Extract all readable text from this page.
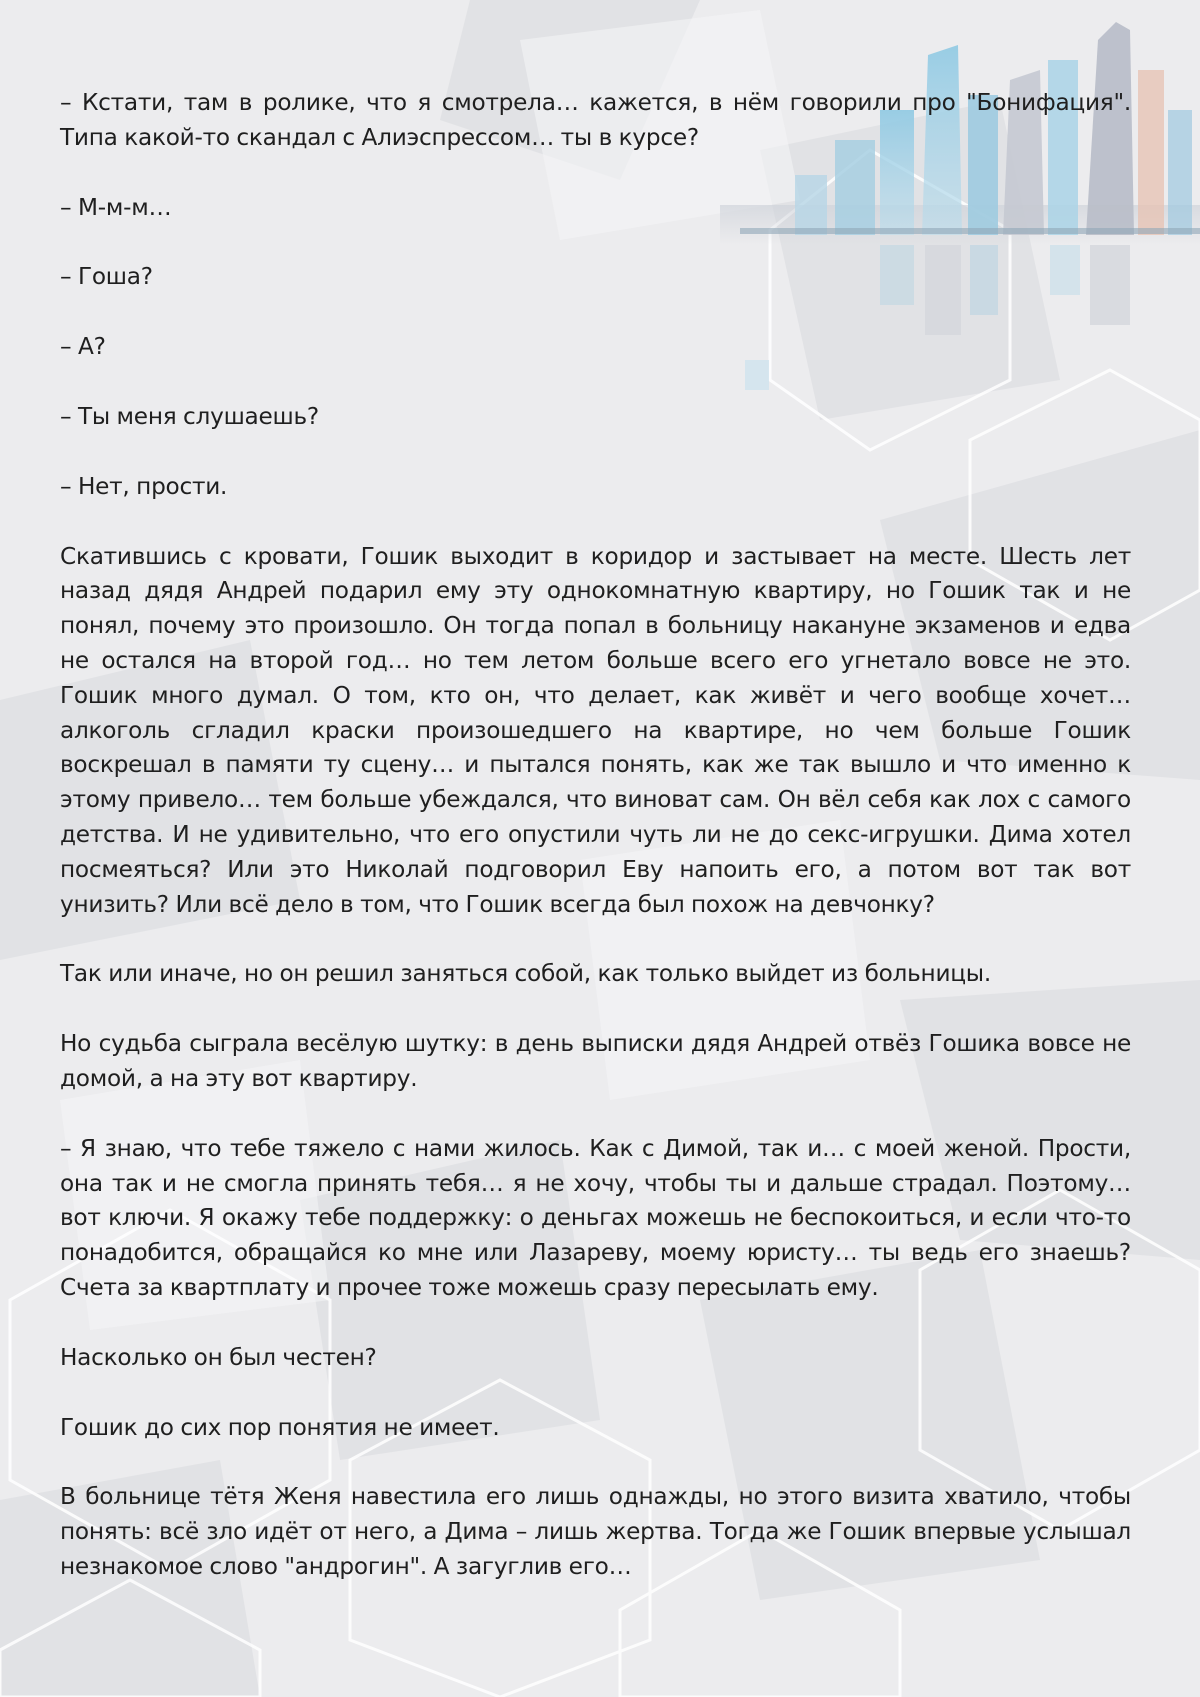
– Кстати, там в ролике, что я смотрела… кажется, в нём говорили про "Бонифация". Типа какой-то скандал с Алиэспрессом… ты в курсе?

– М-м-м…

– Гоша?

– А?

– Ты меня слушаешь?

– Нет, прости.

Скатившись с кровати, Гошик выходит в коридор и застывает на месте. Шесть лет назад дядя Андрей подарил ему эту однокомнатную квартиру, но Гошик так и не понял, почему это произошло. Он тогда попал в больницу накануне экзаменов и едва не остался на второй год… но тем летом больше всего его угнетало вовсе не это. Гошик много думал. О том, кто он, что делает, как живёт и чего вообще хочет… алкоголь сгладил краски произошедшего на квартире, но чем больше Гошик воскрешал в памяти ту сцену… и пытался понять, как же так вышло и что именно к этому привело… тем больше убеждался, что виноват сам. Он вёл себя как лох с самого детства. И не удивительно, что его опустили чуть ли не до секс-игрушки. Дима хотел посмеяться? Или это Николай подговорил Еву напоить его, а потом вот так вот унизить? Или всё дело в том, что Гошик всегда был похож на девчонку?

Так или иначе, но он решил заняться собой, как только выйдет из больницы.

Но судьба сыграла весёлую шутку: в день выписки дядя Андрей отвёз Гошика вовсе не домой, а на эту вот квартиру.

– Я знаю, что тебе тяжело с нами жилось. Как с Димой, так и… с моей женой. Прости, она так и не смогла принять тебя… я не хочу, чтобы ты и дальше страдал. Поэтому… вот ключи. Я окажу тебе поддержку: о деньгах можешь не беспокоиться, и если что-то понадобится, обращайся ко мне или Лазареву, моему юристу… ты ведь его знаешь? Счета за квартплату и прочее тоже можешь сразу пересылать ему.

Насколько он был честен?

Гошик до сих пор понятия не имеет.

В больнице тётя Женя навестила его лишь однажды, но этого визита хватило, чтобы понять: всё зло идёт от него, а Дима – лишь жертва. Тогда же Гошик впервые услышал незнакомое слово "андрогин". А загуглив его…
